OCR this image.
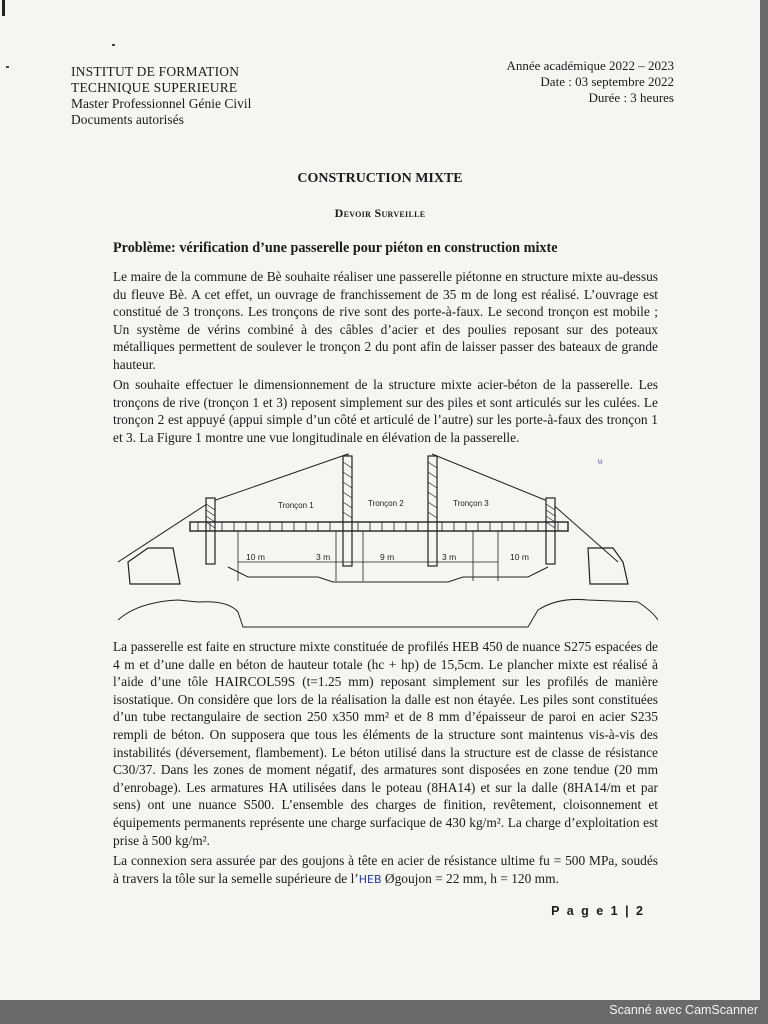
INSTITUT DE FORMATION
TECHNIQUE SUPERIEURE
Master Professionnel Génie Civil
Documents autorisés
Année académique 2022 – 2023
Date : 03 septembre 2022
Durée : 3 heures
CONSTRUCTION MIXTE
Devoir Surveille
Problème: vérification d’une passerelle pour piéton en construction mixte
Le maire de la commune de Bè souhaite réaliser une passerelle piétonne en structure mixte au-dessus du fleuve Bè. A cet effet, un ouvrage de franchissement de 35 m de long est réalisé. L’ouvrage est constitué de 3 tronçons. Les tronçons de rive sont des porte-à-faux. Le second tronçon est mobile ; Un système de vérins combiné à des câbles d’acier et des poulies reposant sur des poteaux métalliques permettent de soulever le tronçon 2 du pont afin de laisser passer des bateaux de grande hauteur.
On souhaite effectuer le dimensionnement de la structure mixte acier-béton de la passerelle. Les tronçons de rive (tronçon 1 et 3) reposent simplement sur des piles et sont articulés sur les culées. Le tronçon 2 est appuyé (appui simple d’un côté et articulé de l’autre) sur les porte-à-faux des tronçon 1 et 3. La Figure 1 montre une vue longitudinale en élévation de la passerelle.
Tronçon 1	Tronçon 2	Tronçon 3
10 m	3 m	9 m	3 m	10 m
La passerelle est faite en structure mixte constituée de profilés HEB 450 de nuance S275 espacées de 4 m et d’une dalle en béton de hauteur totale (hc + hp) de 15,5cm. Le plancher mixte est réalisé à l’aide d’une tôle HAIRCOL59S (t=1.25 mm) reposant simplement sur les profilés de manière isostatique. On considère que lors de la réalisation la dalle est non étayée. Les piles sont constituées d’un tube rectangulaire de section 250 x350 mm² et de 8 mm d’épaisseur de paroi en acier S235 rempli de béton. On supposera que tous les éléments de la structure sont maintenus vis-à-vis des instabilités (déversement, flambement). Le béton utilisé dans la structure est de classe de résistance C30/37. Dans les zones de moment négatif, des armatures sont disposées en zone tendue (20 mm d’enrobage). Les armatures HA utilisées dans le poteau (8HA14) et sur la dalle (8HA14/m et par sens) ont une nuance S500. L’ensemble des charges de finition, revêtement, cloisonnement et équipements permanents représente une charge surfacique de 430 kg/m². La charge d’exploitation est prise à 500 kg/m².
La connexion sera assurée par des goujons à tête en acier de résistance ultime fu = 500 MPa, soudés à travers la tôle sur la semelle supérieure de l’HEB Øgoujon = 22 mm, h = 120 mm.
P a g e 1 | 2
Scanné avec CamScanner
